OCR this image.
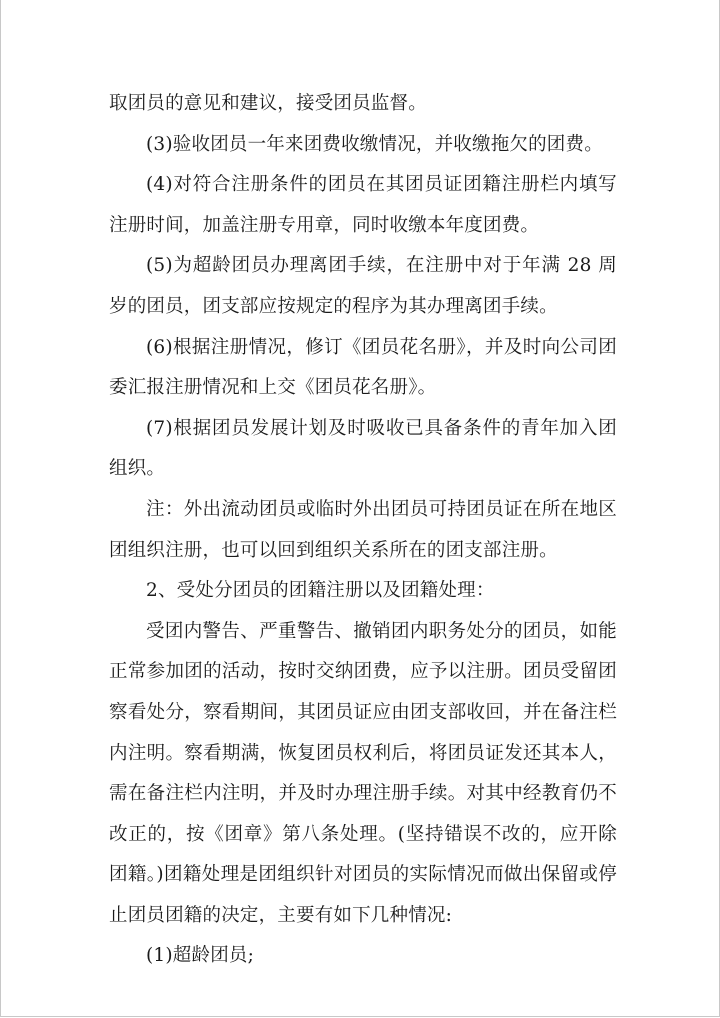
取团员的意见和建议，接受团员监督。

(3)验收团员一年来团费收缴情况，并收缴拖欠的团费。

(4)对符合注册条件的团员在其团员证团籍注册栏内填写注册时间，加盖注册专用章，同时收缴本年度团费。

(5)为超龄团员办理离团手续，在注册中对于年满 28 周岁的团员，团支部应按规定的程序为其办理离团手续。

(6)根据注册情况，修订《团员花名册》，并及时向公司团委汇报注册情况和上交《团员花名册》。

(7)根据团员发展计划及时吸收已具备条件的青年加入团组织。

注：外出流动团员或临时外出团员可持团员证在所在地区团组织注册，也可以回到组织关系所在的团支部注册。

2、受处分团员的团籍注册以及团籍处理：

受团内警告、严重警告、撤销团内职务处分的团员，如能正常参加团的活动，按时交纳团费，应予以注册。团员受留团察看处分，察看期间，其团员证应由团支部收回，并在备注栏内注明。察看期满，恢复团员权利后，将团员证发还其本人，需在备注栏内注明，并及时办理注册手续。对其中经教育仍不改正的，按《团章》第八条处理。(坚持错误不改的，应开除团籍。)团籍处理是团组织针对团员的实际情况而做出保留或停止团员团籍的决定，主要有如下几种情况:

(1)超龄团员;
